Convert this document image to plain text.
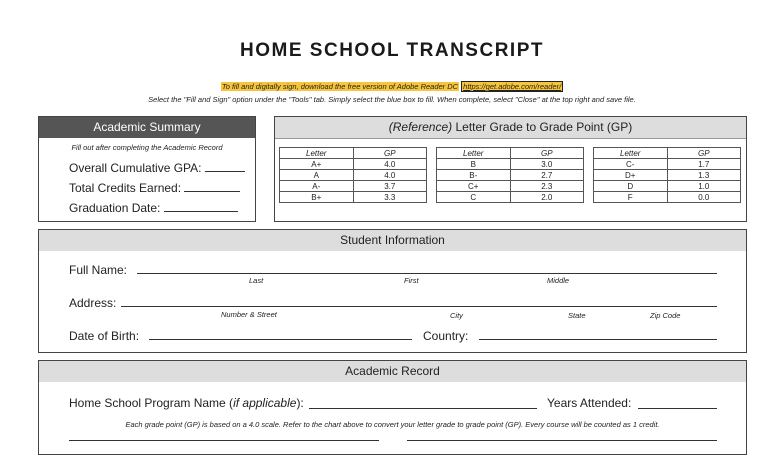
HOME SCHOOL TRANSCRIPT
To fill and digitally sign, download the free version of Adobe Reader DC https://get.adobe.com/reader/
Select the "Fill and Sign" option under the "Tools" tab. Simply select the blue box to fill. When complete, select "Close" at the top right and save file.
Academic Summary
Fill out after completing the Academic Record
Overall Cumulative GPA:
Total Credits Earned:
Graduation Date:
(Reference) Letter Grade to Grade Point (GP)
Letter	GP
A+	4.0
A	4.0
A-	3.7
B+	3.3
Letter	GP
B	3.0
B-	2.7
C+	2.3
C	2.0
Letter	GP
C-	1.7
D+	1.3
D	1.0
F	0.0
Student Information
Full Name:
Last	First	Middle
Address:
Number & Street	City	State	Zip Code
Date of Birth:	Country:
Academic Record
Home School Program Name (if applicable):	Years Attended:
Each grade point (GP) is based on a 4.0 scale. Refer to the chart above to convert your letter grade to grade point (GP). Every course will be counted as 1 credit.
